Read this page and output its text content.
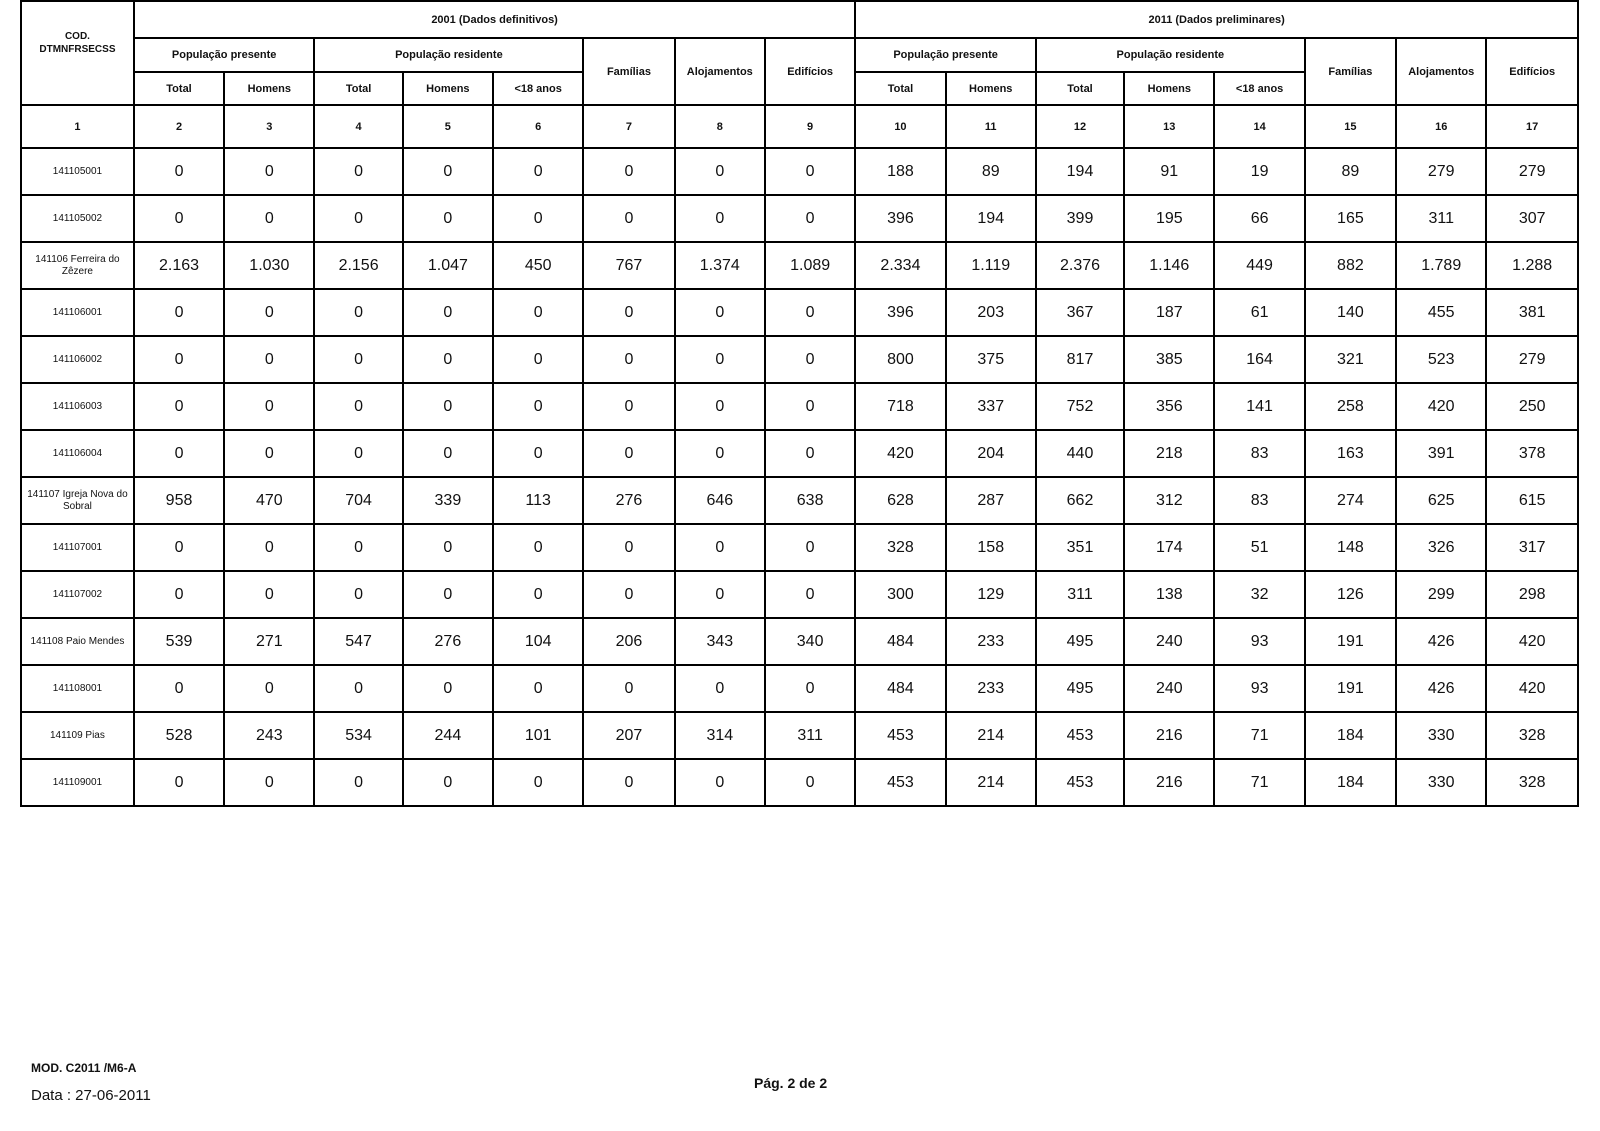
COD.
DTMNFRSECSS	2001 (Dados definitivos)								2011 (Dados preliminares)							
	População presente		População residente			Famílias	Alojamentos	Edifícios	População presente		População residente			Famílias	Alojamentos	Edifícios
	Total	Homens	Total	Homens	<18 anos				Total	Homens	Total	Homens	<18 anos			
1	2	3	4	5	6	7	8	9	10	11	12	13	14	15	16	17
141105001	0	0	0	0	0	0	0	0	188	89	194	91	19	89	279	279
141105002	0	0	0	0	0	0	0	0	396	194	399	195	66	165	311	307
141106 Ferreira do Zêzere	2.163	1.030	2.156	1.047	450	767	1.374	1.089	2.334	1.119	2.376	1.146	449	882	1.789	1.288
141106001	0	0	0	0	0	0	0	0	396	203	367	187	61	140	455	381
141106002	0	0	0	0	0	0	0	0	800	375	817	385	164	321	523	279
141106003	0	0	0	0	0	0	0	0	718	337	752	356	141	258	420	250
141106004	0	0	0	0	0	0	0	0	420	204	440	218	83	163	391	378
141107 Igreja Nova do Sobral	958	470	704	339	113	276	646	638	628	287	662	312	83	274	625	615
141107001	0	0	0	0	0	0	0	0	328	158	351	174	51	148	326	317
141107002	0	0	0	0	0	0	0	0	300	129	311	138	32	126	299	298
141108 Paio Mendes	539	271	547	276	104	206	343	340	484	233	495	240	93	191	426	420
141108001	0	0	0	0	0	0	0	0	484	233	495	240	93	191	426	420
141109 Pias	528	243	534	244	101	207	314	311	453	214	453	216	71	184	330	328
141109001	0	0	0	0	0	0	0	0	453	214	453	216	71	184	330	328
MOD. C2011 /M6-A
Data : 27-06-2011
Pág. 2 de 2
